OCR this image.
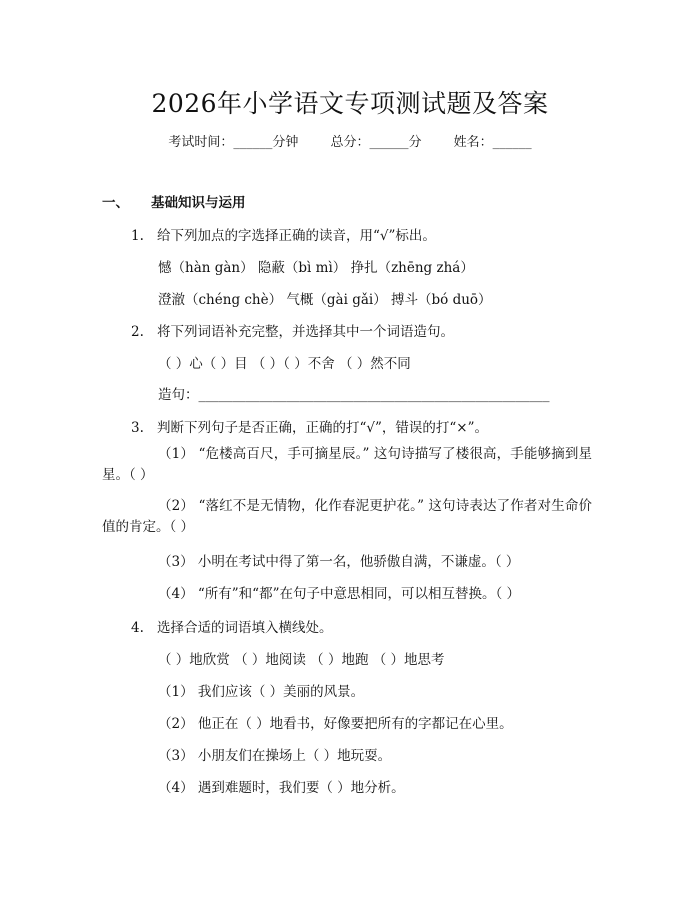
2026年小学语文专项测试题及答案
考试时间：______分钟 总分：______分 姓名：______
一、 基础知识与运用
1. 给下列加点的字选择正确的读音，用“√”标出。
憾（hàn gàn） 隐蔽（bì mì） 挣扎（zhēng zhá）
澄澈（chéng chè） 气概（gài gǎi） 搏斗（bó duō）
2. 将下列词语补充完整，并选择其中一个词语造句。
（ ）心（ ）目 （ ）（ ）不舍 （ ）然不同
造句：____________________________________________________
3. 判断下列句子是否正确，正确的打“√”，错误的打“×”。
（1） “危楼高百尺，手可摘星辰。” 这句诗描写了楼很高，手能够摘到星星。（ ）
（2） “落红不是无情物，化作春泥更护花。” 这句诗表达了作者对生命价值的肯定。（ ）
（3） 小明在考试中得了第一名，他骄傲自满，不谦虚。（ ）
（4） “所有”和“都”在句子中意思相同，可以相互替换。（ ）
4. 选择合适的词语填入横线处。
（ ）地欣赏 （ ）地阅读 （ ）地跑 （ ）地思考
（1） 我们应该（ ）美丽的风景。
（2） 他正在（ ）地看书，好像要把所有的字都记在心里。
（3） 小朋友们在操场上（ ）地玩耍。
（4） 遇到难题时，我们要（ ）地分析。
